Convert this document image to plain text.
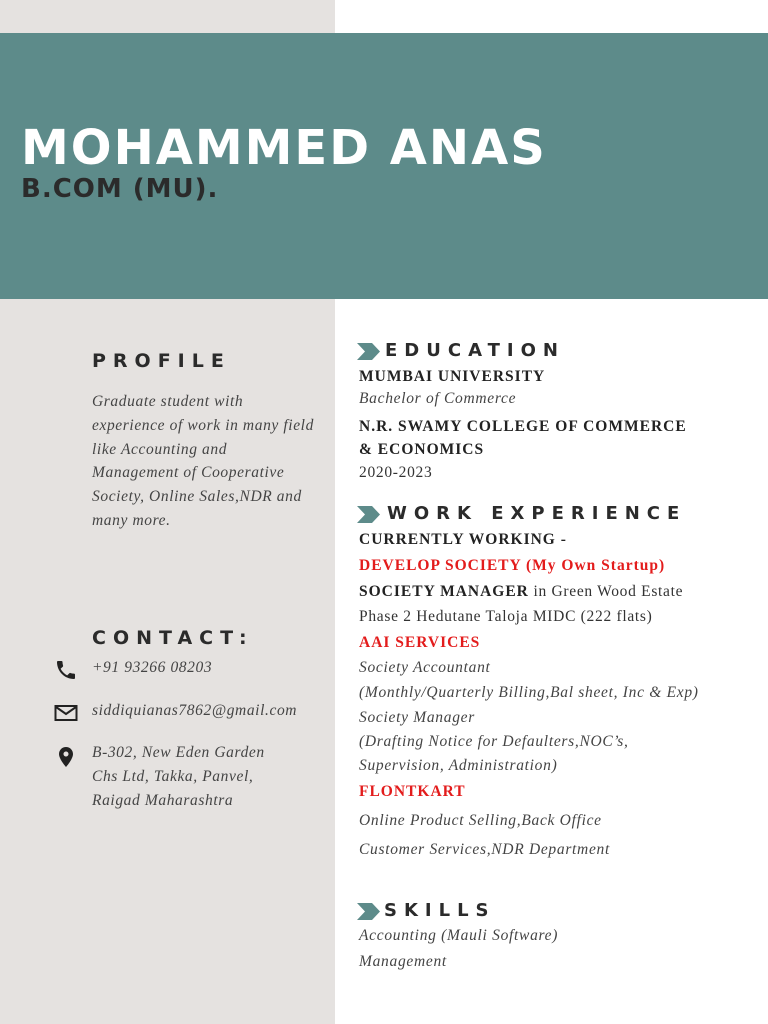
MOHAMMED ANAS
B.COM (MU).
PROFILE
Graduate student with experience of work in many field like Accounting and Management of Cooperative Society, Online Sales,NDR and many more.
CONTACT:
+91 93266 08203
siddiquianas7862@gmail.com
B-302, New Eden Garden
Chs Ltd, Takka, Panvel,
Raigad Maharashtra
EDUCATION
MUMBAI UNIVERSITY
Bachelor of Commerce
N.R. SWAMY COLLEGE OF COMMERCE
& ECONOMICS
2020-2023
WORK EXPERIENCE
CURRENTLY WORKING -
DEVELOP SOCIETY (My Own Startup)
SOCIETY MANAGER in Green Wood Estate
Phase 2 Hedutane Taloja MIDC (222 flats)
AAI SERVICES
Society Accountant
(Monthly/Quarterly Billing,Bal sheet, Inc & Exp)
Society Manager
(Drafting Notice for Defaulters,NOC’s,
Supervision, Administration)
FLONTKART
Online Product Selling,Back Office
Customer Services,NDR Department
SKILLS
Accounting (Mauli Software)
Management
